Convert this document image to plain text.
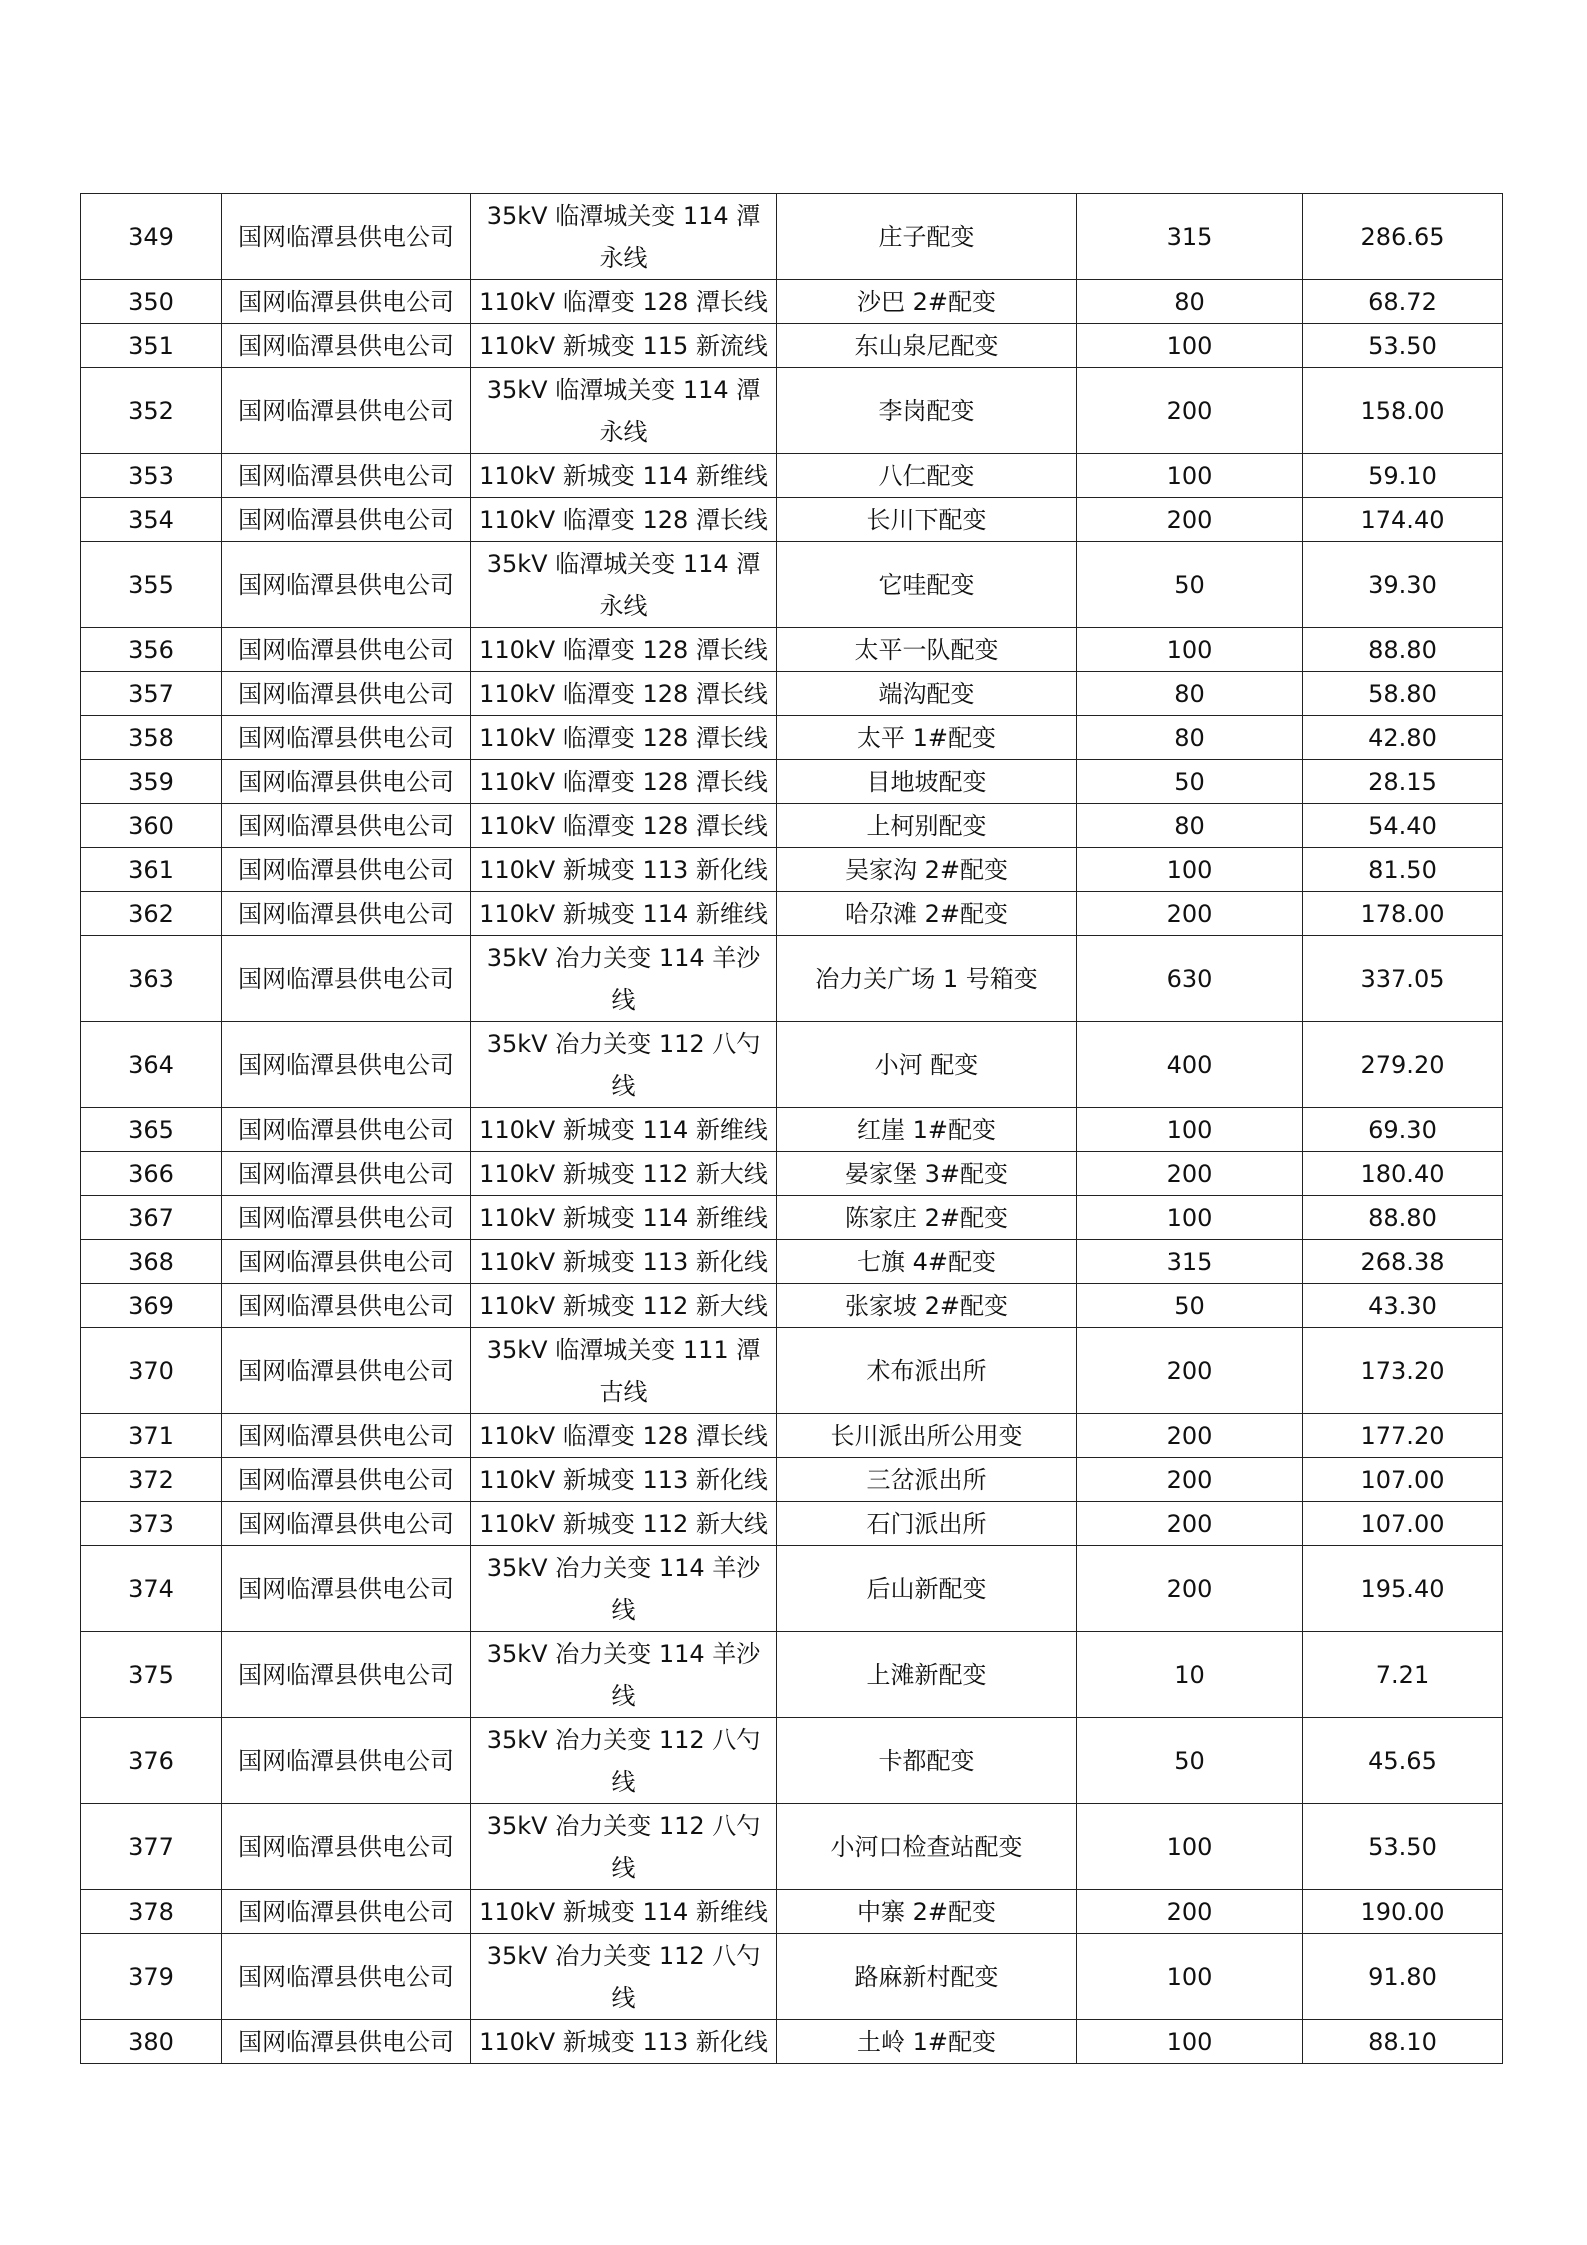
349	国网临潭县供电公司	35kV 临潭城关变 114 潭
永线	庄子配变	315	286.65
350	国网临潭县供电公司	110kV 临潭变 128 潭长线	沙巴 2#配变	80	68.72
351	国网临潭县供电公司	110kV 新城变 115 新流线	东山泉尼配变	100	53.50
352	国网临潭县供电公司	35kV 临潭城关变 114 潭
永线	李岗配变	200	158.00
353	国网临潭县供电公司	110kV 新城变 114 新维线	八仁配变	100	59.10
354	国网临潭县供电公司	110kV 临潭变 128 潭长线	长川下配变	200	174.40
355	国网临潭县供电公司	35kV 临潭城关变 114 潭
永线	它哇配变	50	39.30
356	国网临潭县供电公司	110kV 临潭变 128 潭长线	太平一队配变	100	88.80
357	国网临潭县供电公司	110kV 临潭变 128 潭长线	端沟配变	80	58.80
358	国网临潭县供电公司	110kV 临潭变 128 潭长线	太平 1#配变	80	42.80
359	国网临潭县供电公司	110kV 临潭变 128 潭长线	目地坡配变	50	28.15
360	国网临潭县供电公司	110kV 临潭变 128 潭长线	上柯别配变	80	54.40
361	国网临潭县供电公司	110kV 新城变 113 新化线	吴家沟 2#配变	100	81.50
362	国网临潭县供电公司	110kV 新城变 114 新维线	哈尕滩 2#配变	200	178.00
363	国网临潭县供电公司	35kV 冶力关变 114 羊沙
线	冶力关广场 1 号箱变	630	337.05
364	国网临潭县供电公司	35kV 冶力关变 112 八勺
线	小河 配变	400	279.20
365	国网临潭县供电公司	110kV 新城变 114 新维线	红崖 1#配变	100	69.30
366	国网临潭县供电公司	110kV 新城变 112 新大线	晏家堡 3#配变	200	180.40
367	国网临潭县供电公司	110kV 新城变 114 新维线	陈家庄 2#配变	100	88.80
368	国网临潭县供电公司	110kV 新城变 113 新化线	七旗 4#配变	315	268.38
369	国网临潭县供电公司	110kV 新城变 112 新大线	张家坡 2#配变	50	43.30
370	国网临潭县供电公司	35kV 临潭城关变 111 潭
古线	术布派出所	200	173.20
371	国网临潭县供电公司	110kV 临潭变 128 潭长线	长川派出所公用变	200	177.20
372	国网临潭县供电公司	110kV 新城变 113 新化线	三岔派出所	200	107.00
373	国网临潭县供电公司	110kV 新城变 112 新大线	石门派出所	200	107.00
374	国网临潭县供电公司	35kV 冶力关变 114 羊沙
线	后山新配变	200	195.40
375	国网临潭县供电公司	35kV 冶力关变 114 羊沙
线	上滩新配变	10	7.21
376	国网临潭县供电公司	35kV 冶力关变 112 八勺
线	卡都配变	50	45.65
377	国网临潭县供电公司	35kV 冶力关变 112 八勺
线	小河口检查站配变	100	53.50
378	国网临潭县供电公司	110kV 新城变 114 新维线	中寨 2#配变	200	190.00
379	国网临潭县供电公司	35kV 冶力关变 112 八勺
线	路麻新村配变	100	91.80
380	国网临潭县供电公司	110kV 新城变 113 新化线	土岭 1#配变	100	88.10
